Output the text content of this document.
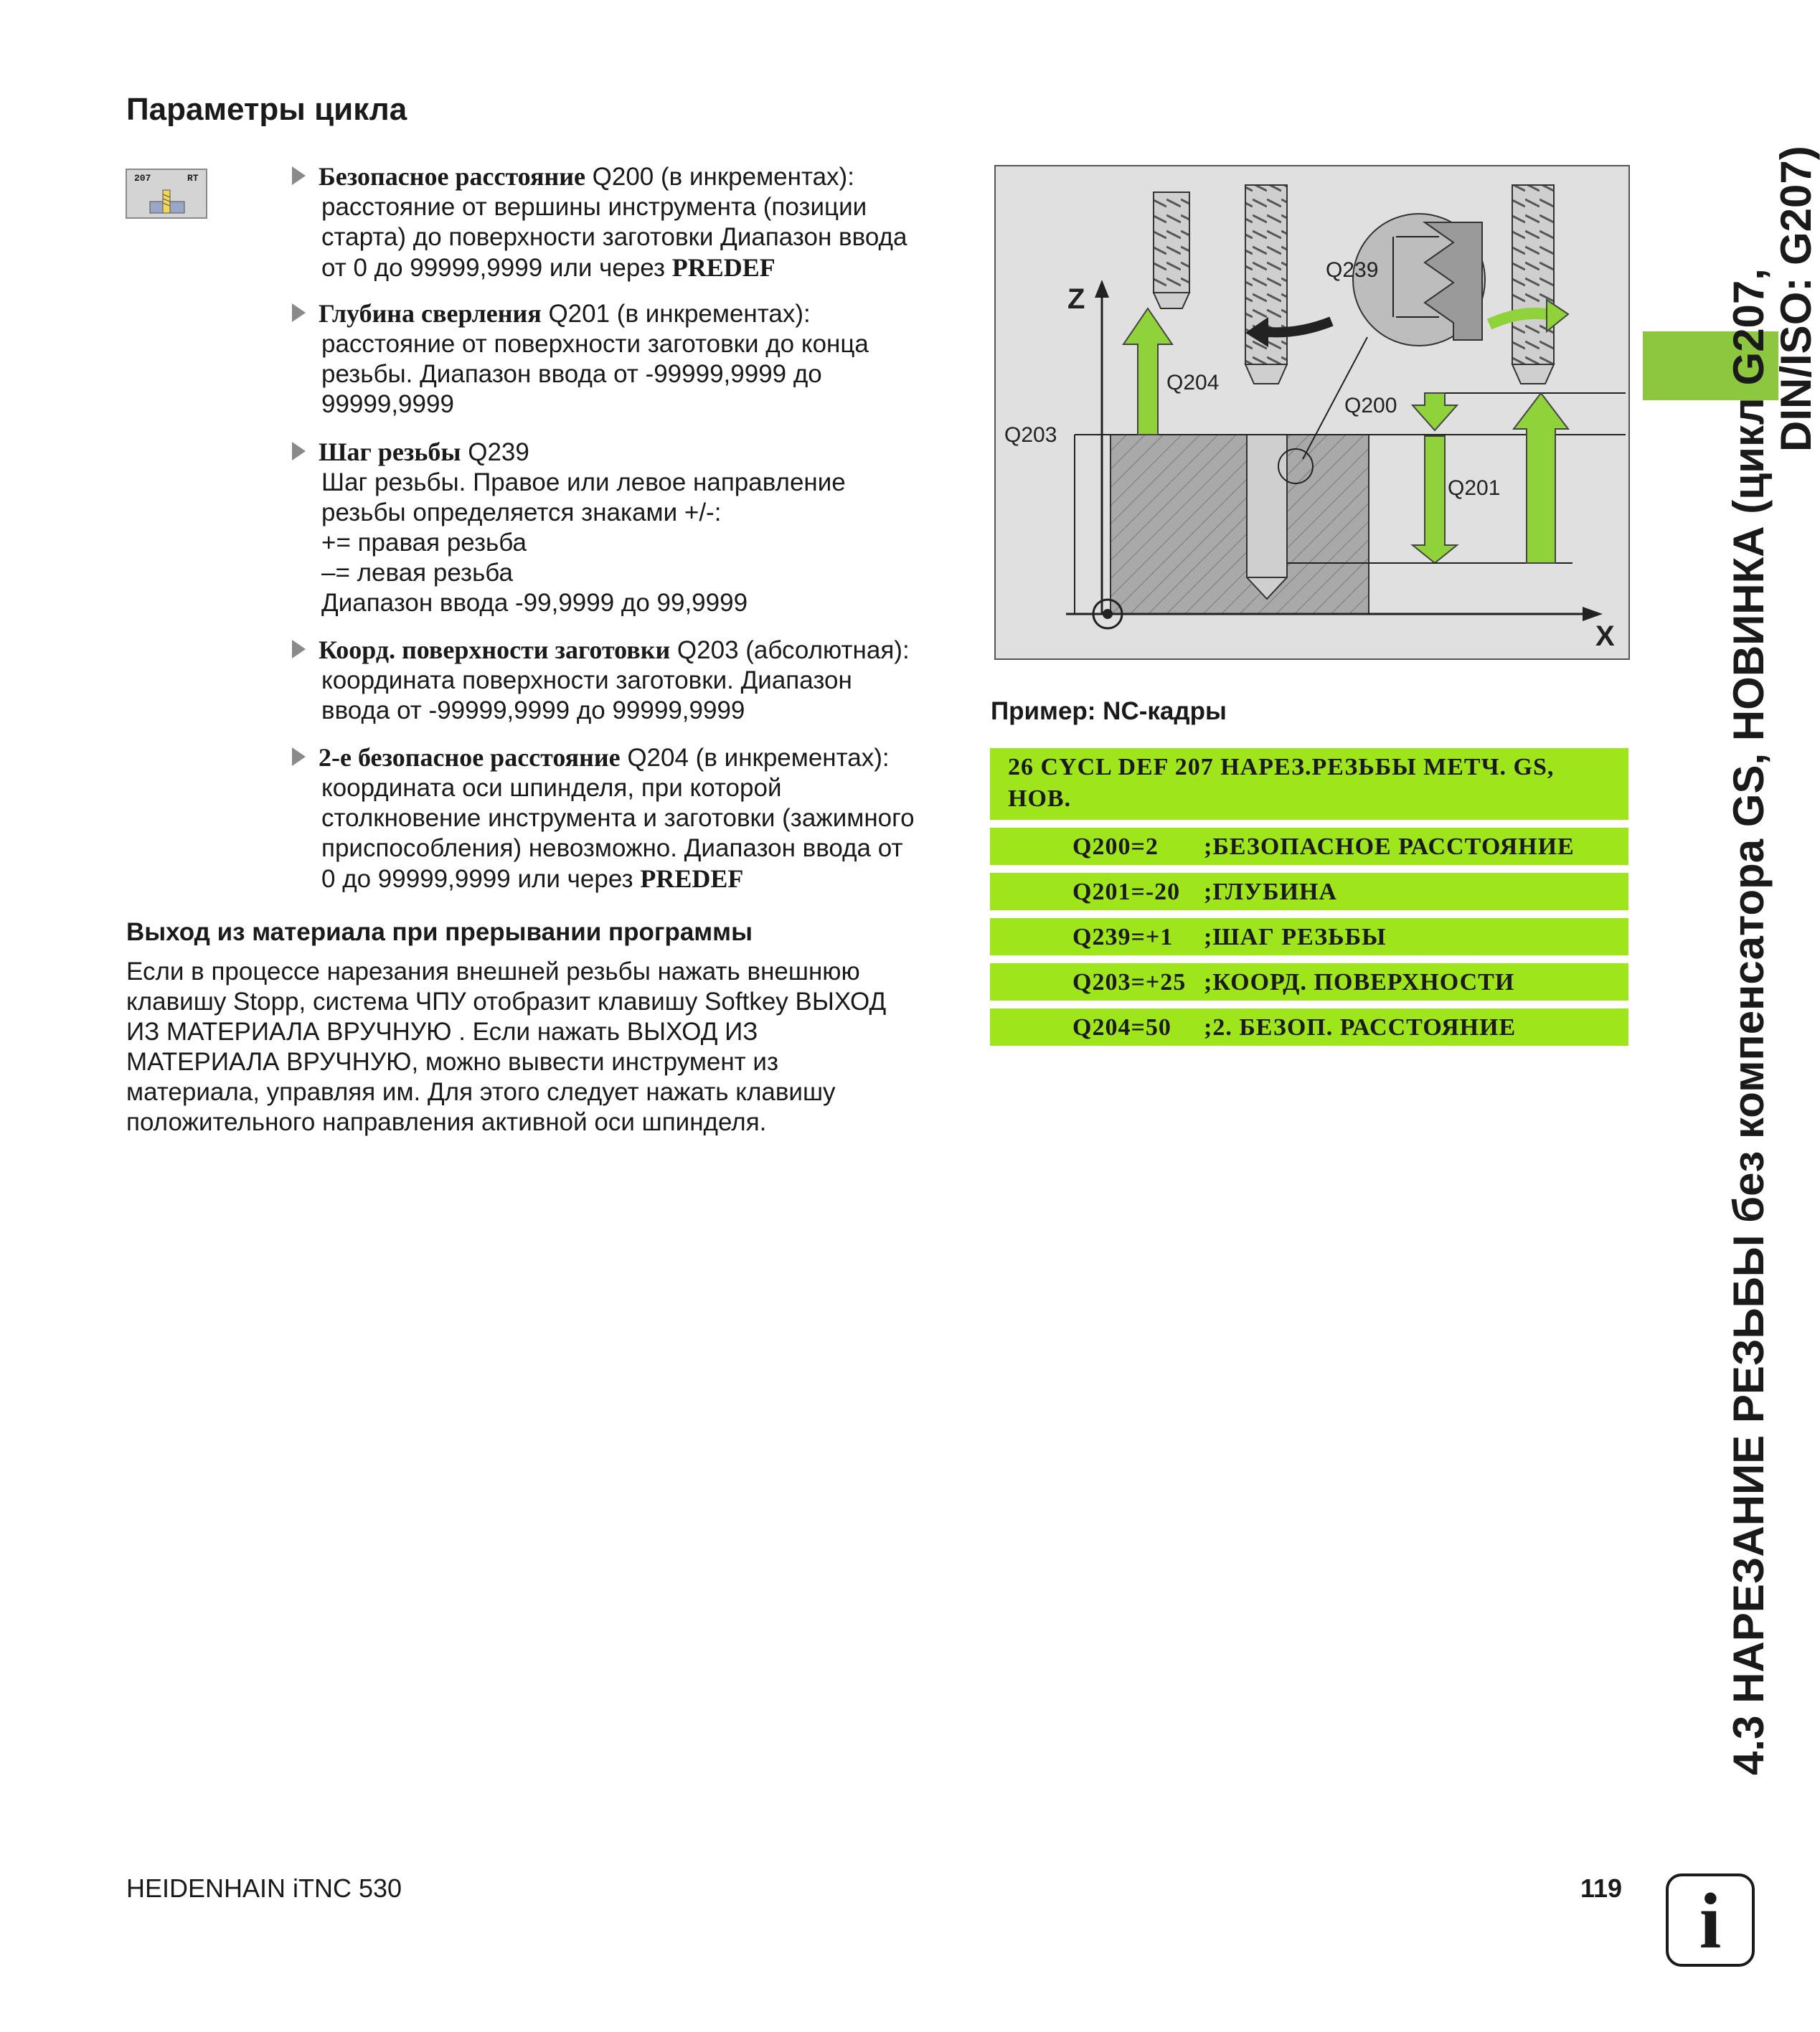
Параметры цикла
207	RT	Безопасное расстояние Q200 (в инкрементах):
расстояние от вершины инструмента (позиции
старта) до поверхности заготовки Диапазон ввода
от 0 до 99999,9999 или через PREDEF
Глубина сверления Q201 (в инкрементах):
расстояние от поверхности заготовки до конца
резьбы. Диапазон ввода от -99999,9999 до
99999,9999
Шаг резьбы Q239
Шаг резьбы. Правое или левое направление
резьбы определяется знаками +/-:
+= правая резьба
–= левая резьба
Диапазон ввода -99,9999 до 99,9999
Коорд. поверхности заготовки Q203 (абсолютная):
координата поверхности заготовки. Диапазон
ввода от -99999,9999 до 99999,9999
2-е безопасное расстояние Q204 (в инкрементах):
координата оси шпинделя, при которой
столкновение инструмента и заготовки (зажимного
приспособления) невозможно. Диапазон ввода от
0 до 99999,9999 или через PREDEF
Выход из материала при прерывании программы
Если в процессе нарезания внешней резьбы нажать внешнюю
клавишу Stopp, система ЧПУ отобразит клавишу Softkey ВЫХОД
ИЗ МАТЕРИАЛА ВРУЧНУЮ . Если нажать ВЫХОД ИЗ
МАТЕРИАЛА ВРУЧНУЮ, можно вывести инструмент из
материала, управляя им. Для этого следует нажать клавишу
положительного направления активной оси шпинделя.
Z
X
Q203
Q204
Q200
Q201
Q239
Пример: NC-кадры
26 CYCL DEF 207 НАРЕЗ.РЕЗЬБЫ МЕТЧ. GS,
НОВ.
Q200=2 ;БЕЗОПАСНОЕ РАССТОЯНИЕ
Q201=-20 ;ГЛУБИНА
Q239=+1 ;ШАГ РЕЗЬБЫ
Q203=+25 ;КООРД. ПОВЕРХНОСТИ
Q204=50 ;2. БЕЗОП. РАССТОЯНИЕ	4.3 НАРЕЗАНИЕ РЕЗЬБЫ без компенсатора GS, НОВИНКА (цикл G207, DIN/ISO: G207)
HEIDENHAIN iTNC 530	119 i
